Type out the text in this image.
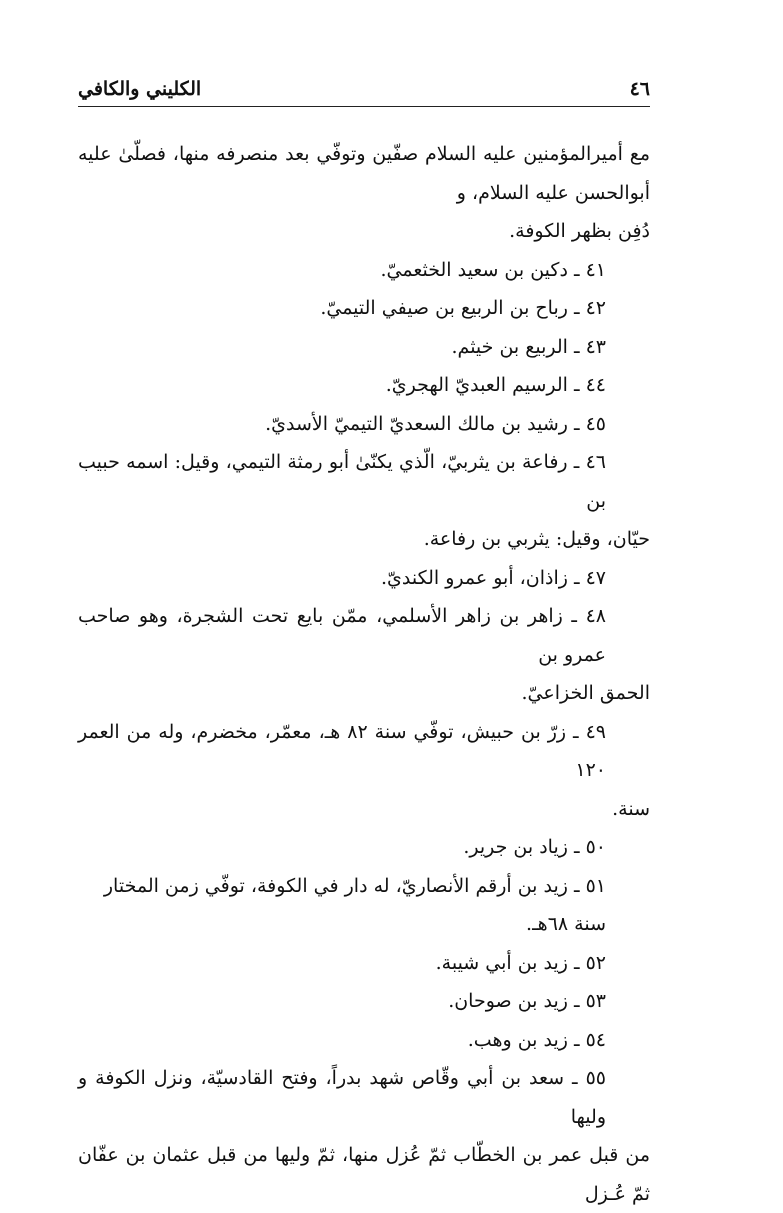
٤٦
الكليني والكافي

مع أميرالمؤمنين عليه السلام صفّين وتوفّي بعد منصرفه منها، فصلّىٰ عليه أبوالحسن عليه السلام، و

دُفِن بظهر الكوفة.

٤١ ـ دكين بن سعيد الخثعميّ.

٤٢ ـ رباح بن الربيع بن صيفي التيميّ.

٤٣ ـ الربيع بن خيثم.

٤٤ ـ الرسيم العبديّ الهجريّ.

٤٥ ـ رشيد بن مالك السعديّ التيميّ الأسديّ.

٤٦ ـ رفاعة بن يثربيّ، الّذي يكنّىٰ أبو رمثة التيمي، وقيل: اسمه حبيب بن

حيّان، وقيل: يثربي بن رفاعة.

٤٧ ـ زاذان، أبو عمرو الكنديّ.

٤٨ ـ زاهر بن زاهر الأسلمي، ممّن بايع تحت الشجرة، وهو صاحب عمرو بن

الحمق الخزاعيّ.

٤٩ ـ زرّ بن حبيش، توفّي سنة ٨٢ هـ، معمّر، مخضرم، وله من العمر ١٢٠

سنة.

٥٠ ـ زياد بن جرير.

٥١ ـ زيد بن أرقم الأنصاريّ، له دار في الكوفة، توفّي زمن المختار سنة ٦٨هـ.

٥٢ ـ زيد بن أبي شيبة.

٥٣ ـ زيد بن صوحان.

٥٤ ـ زيد بن وهب.

٥٥ ـ سعد بن أبي وقّاص شهد بدراً، وفتح القادسيّة، ونزل الكوفة و وليها

من قبل عمر بن الخطّاب ثمّ عُزل منها، ثمّ وليها من قبل عثمان بن عفّان ثمّ عُـزل
